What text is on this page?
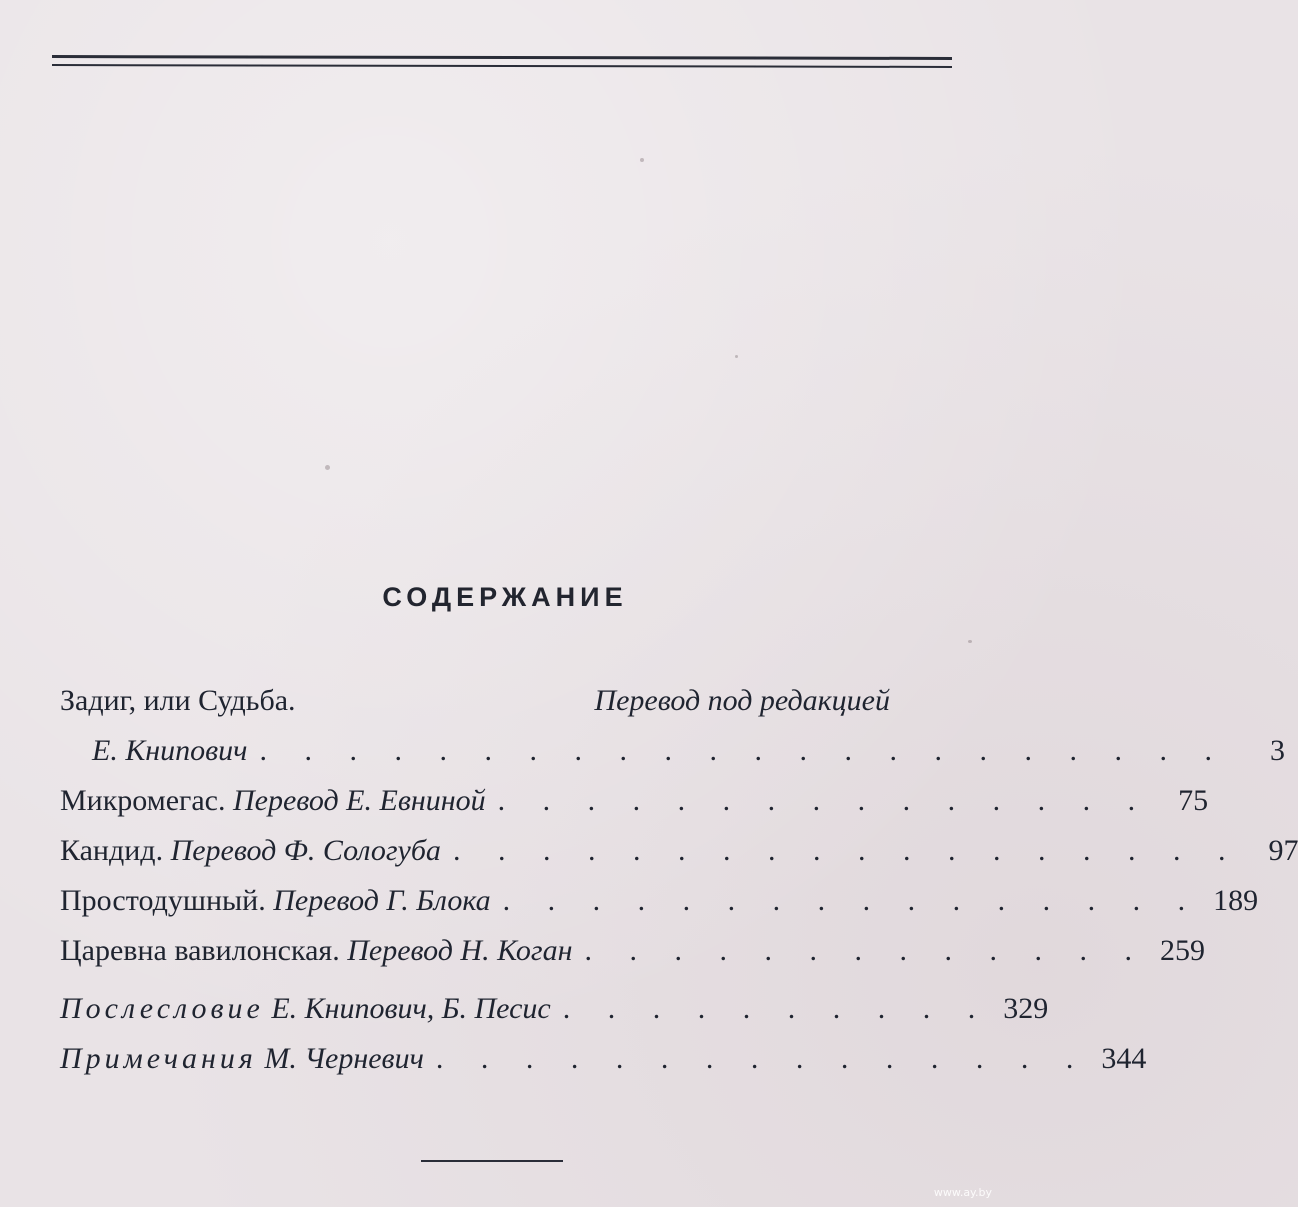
СОДЕРЖАНИЕ
Задиг, или Судьба.	Перевод под редакцией
Е. Книпович . . . . . . . . . . . . . . . . . . . . . .	3
Микромегас.
Перевод Е. Евниной . . . . . . . . . . . . . . . 75
Кандид.
Перевод Ф. Сологуба . . . . . . . . . . . . . . . . . . 97
Простодушный.
Перевод Г. Блока . . . . . . . . . . . . . . . . 189
Царевна вавилонская.
Перевод Н. Коган . . . . . . . . . . . . . 259
Послесловие
Е. Книпович, Б. Песис . . . . . . . . . . 329
Примечания
М. Черневич . . . . . . . . . . . . . . . 344
www.ay.by
